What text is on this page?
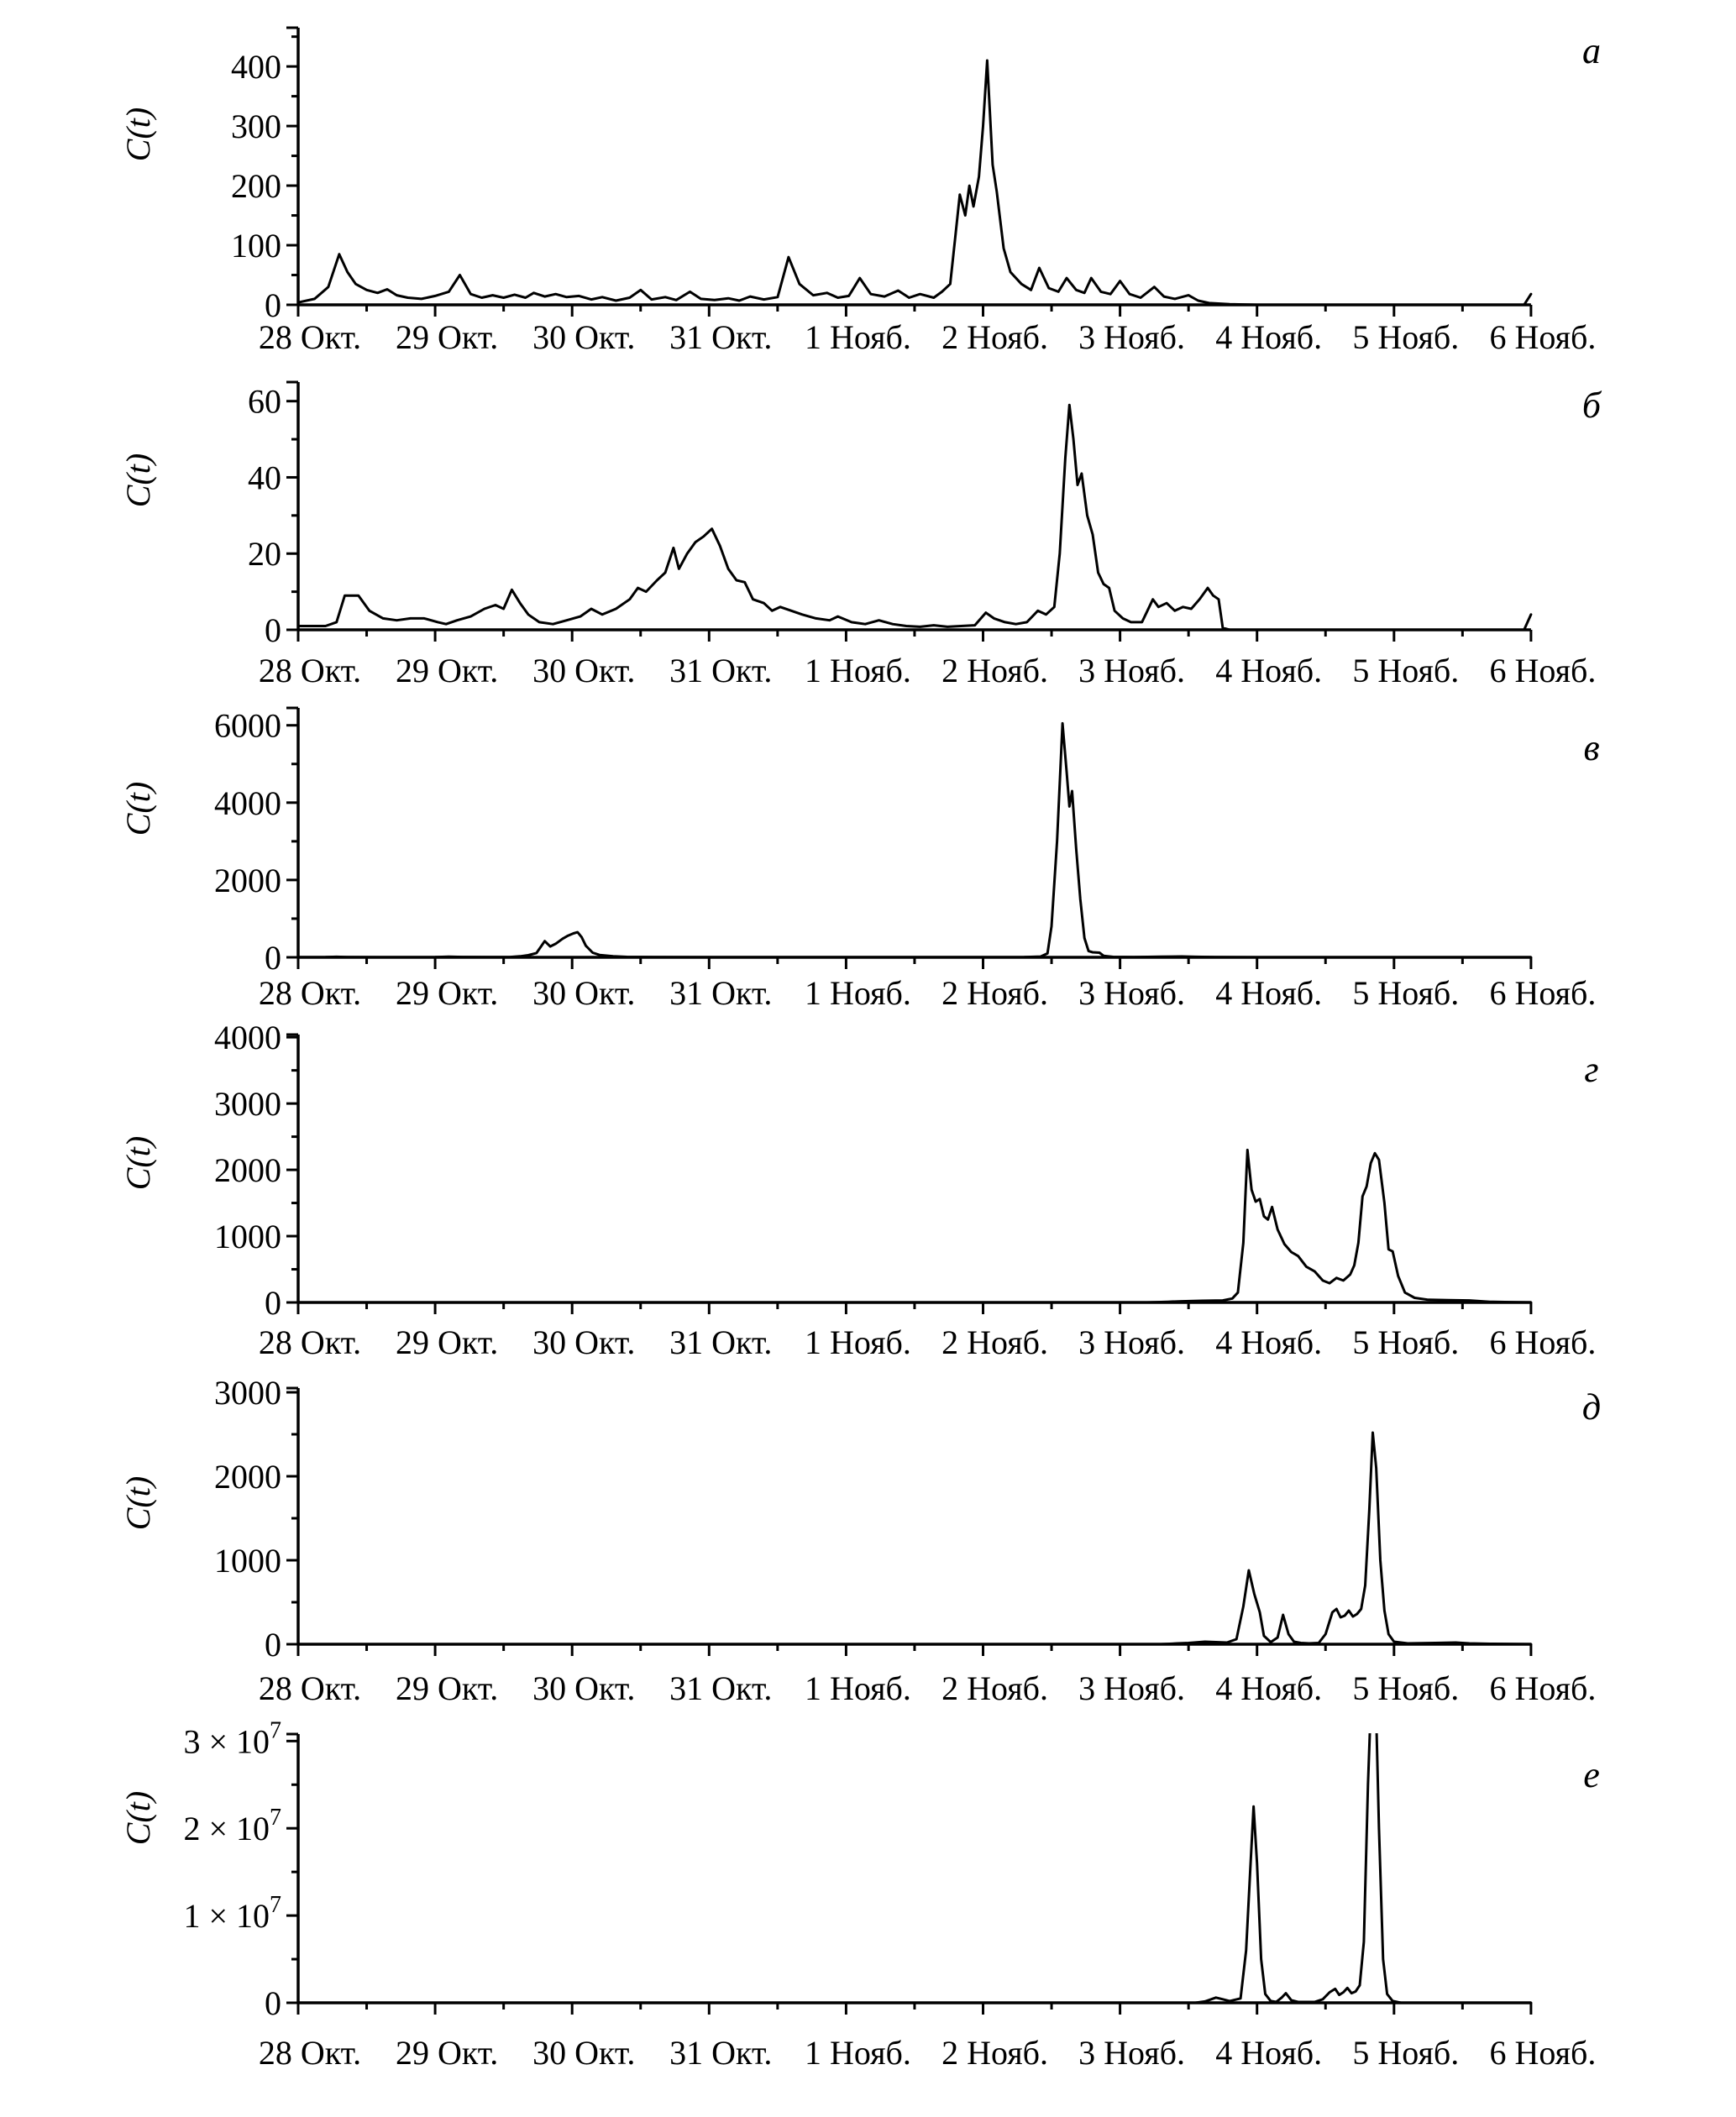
28 Окт. 29 Окт. 30 Окт. 31 Окт. 1 Нояб. 2 Нояб. 3 Нояб. 4 Нояб. 5 Нояб. 6 Нояб.
0
100
200
300
400
C(t)
а
28 Окт. 29 Окт. 30 Окт. 31 Окт. 1 Нояб. 2 Нояб. 3 Нояб. 4 Нояб. 5 Нояб. 6 Нояб.
0
20
40
60
C(t)
б
28 Окт. 29 Окт. 30 Окт. 31 Окт. 1 Нояб. 2 Нояб. 3 Нояб. 4 Нояб. 5 Нояб. 6 Нояб.
0
2000
4000
6000
C(t)
в
28 Окт. 29 Окт. 30 Окт. 31 Окт. 1 Нояб. 2 Нояб. 3 Нояб. 4 Нояб. 5 Нояб. 6 Нояб.
0
1000
2000
3000
4000
C(t)
г
28 Окт. 29 Окт. 30 Окт. 31 Окт. 1 Нояб. 2 Нояб. 3 Нояб. 4 Нояб. 5 Нояб. 6 Нояб.
0
1000
2000
3000
C(t)
д
28 Окт. 29 Окт. 30 Окт. 31 Окт. 1 Нояб. 2 Нояб. 3 Нояб. 4 Нояб. 5 Нояб. 6 Нояб.
0
$1 \times 10^7$
$2 \times 10^7$
$3 \times 10^7$
C(t)
е
